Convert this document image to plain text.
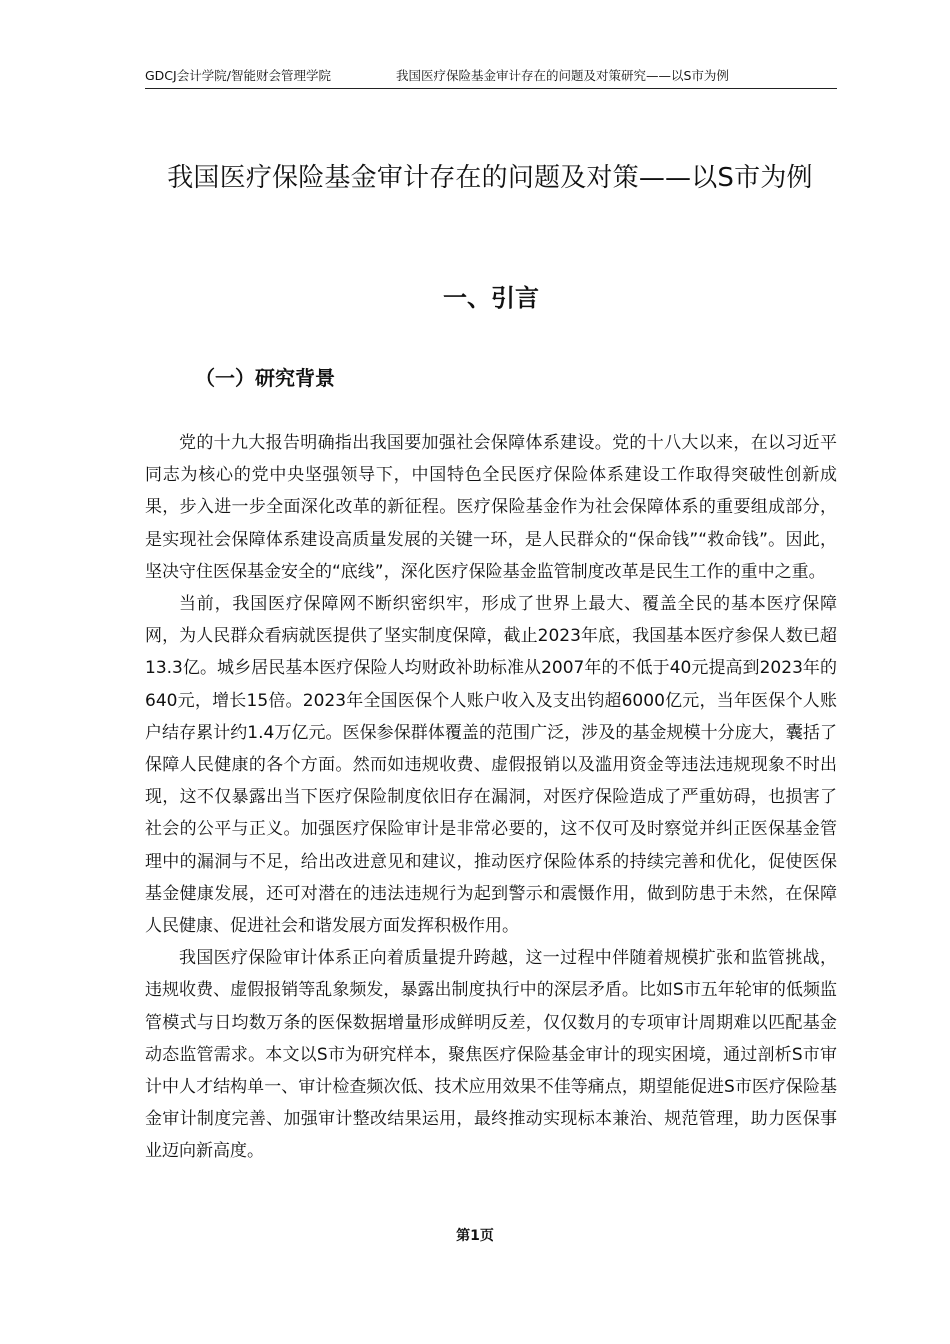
GDCJ会计学院/智能财会管理学院	我国医疗保险基金审计存在的问题及对策研究——以S市为例
我国医疗保险基金审计存在的问题及对策——以S市为例
一、引言
（一）研究背景

党的十九大报告明确指出我国要加强社会保障体系建设。党的十八大以来，在以习近平同志为核心的党中央坚强领导下，中国特色全民医疗保险体系建设工作取得突破性创新成果，步入进一步全面深化改革的新征程。医疗保险基金作为社会保障体系的重要组成部分，是实现社会保障体系建设高质量发展的关键一环，是人民群众的“保命钱”“救命钱”。因此，坚决守住医保基金安全的“底线”，深化医疗保险基金监管制度改革是民生工作的重中之重。

当前，我国医疗保障网不断织密织牢，形成了世界上最大、覆盖全民的基本医疗保障网，为人民群众看病就医提供了坚实制度保障，截止2023年底，我国基本医疗参保人数已超13.3亿。城乡居民基本医疗保险人均财政补助标准从2007年的不低于40元提高到2023年的640元，增长15倍。2023年全国医保个人账户收入及支出钧超6000亿元，当年医保个人账户结存累计约1.4万亿元。医保参保群体覆盖的范围广泛，涉及的基金规模十分庞大，囊括了保障人民健康的各个方面。然而如违规收费、虚假报销以及滥用资金等违法违规现象不时出现，这不仅暴露出当下医疗保险制度依旧存在漏洞，对医疗保险造成了严重妨碍，也损害了社会的公平与正义。加强医疗保险审计是非常必要的，这不仅可及时察觉并纠正医保基金管理中的漏洞与不足，给出改进意见和建议，推动医疗保险体系的持续完善和优化，促使医保基金健康发展，还可对潜在的违法违规行为起到警示和震慑作用，做到防患于未然，在保障人民健康、促进社会和谐发展方面发挥积极作用。

我国医疗保险审计体系正向着质量提升跨越，这一过程中伴随着规模扩张和监管挑战，违规收费、虚假报销等乱象频发，暴露出制度执行中的深层矛盾。比如S市五年轮审的低频监管模式与日均数万条的医保数据增量形成鲜明反差，仅仅数月的专项审计周期难以匹配基金动态监管需求。本文以S市为研究样本，聚焦医疗保险基金审计的现实困境，通过剖析S市审计中人才结构单一、审计检查频次低、技术应用效果不佳等痛点，期望能促进S市医疗保险基金审计制度完善、加强审计整改结果运用，最终推动实现标本兼治、规范管理，助力医保事业迈向新高度。

第1页
